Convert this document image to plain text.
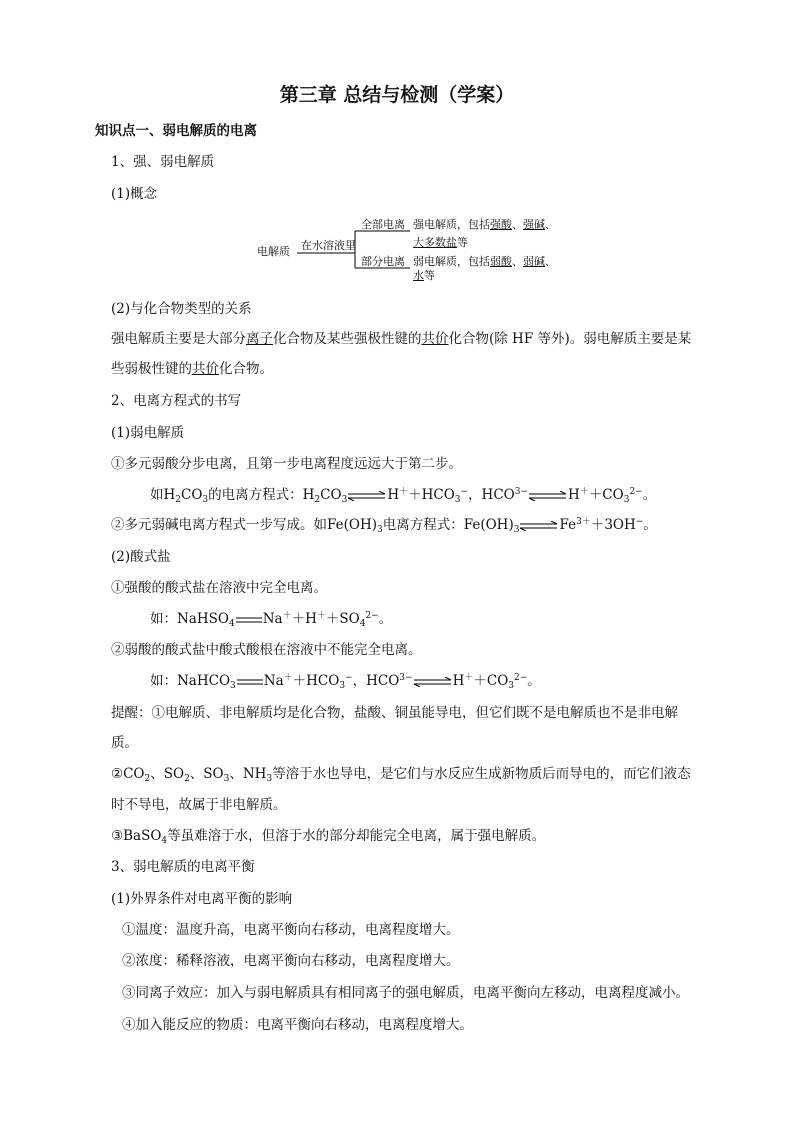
第三章 总结与检测（学案）
知识点一、弱电解质的电离
1、强、弱电解质
(1)概念
电解质 在水溶液里
全部电离
部分电离
强电解质，包括强酸、强碱、
大多数盐等
弱电解质，包括弱酸、弱碱、
水等
(2)与化合物类型的关系
强电解质主要是大部分离子化合物及某些强极性键的共价化合物(除 HF 等外)。弱电解质主要是某
些弱极性键的共价化合物。
2、电离方程式的书写
(1)弱电解质
①多元弱酸分步电离，且第一步电离程度远远大于第二步。
如$H_2CO_3$的电离方程式：$H_2CO_3\rightleftharpoons H^++HCO_3^-$，$HCO^{3-}\rightleftharpoons H^++CO_3^{2-}$。
②多元弱碱电离方程式一步写成。如$Fe(OH)_3$电离方程式：$Fe(OH)_3\rightleftharpoons Fe^{3+}+3OH^-$。
(2)酸式盐
①强酸的酸式盐在溶液中完全电离。
如：NaHSO$_4$ $Na^++H^++SO_4^{2-}$。
②弱酸的酸式盐中酸式酸根在溶液中不能完全电离。
如：NaHCO$_3$ $Na^++HCO_3^-$，$HCO^{3-}\rightleftharpoons H^++CO_3^{2-}$。
提醒：①电解质、非电解质均是化合物，盐酸、铜虽能导电，但它们既不是电解质也不是非电解
质。
$②CO_2$、$SO_2$、$SO_3$、$NH_3$等溶于水也导电，是它们与水反应生成新物质后而导电的，而它们液态
时不导电，故属于非电解质。
③BaSO$_4$等虽难溶于水，但溶于水的部分却能完全电离，属于强电解质。
3、弱电解质的电离平衡
(1)外界条件对电离平衡的影响
①温度：温度升高，电离平衡向右移动，电离程度增大。
②浓度：稀释溶液，电离平衡向右移动，电离程度增大。
③同离子效应：加入与弱电解质具有相同离子的强电解质，电离平衡向左移动，电离程度减小。
④加入能反应的物质：电离平衡向右移动，电离程度增大。
